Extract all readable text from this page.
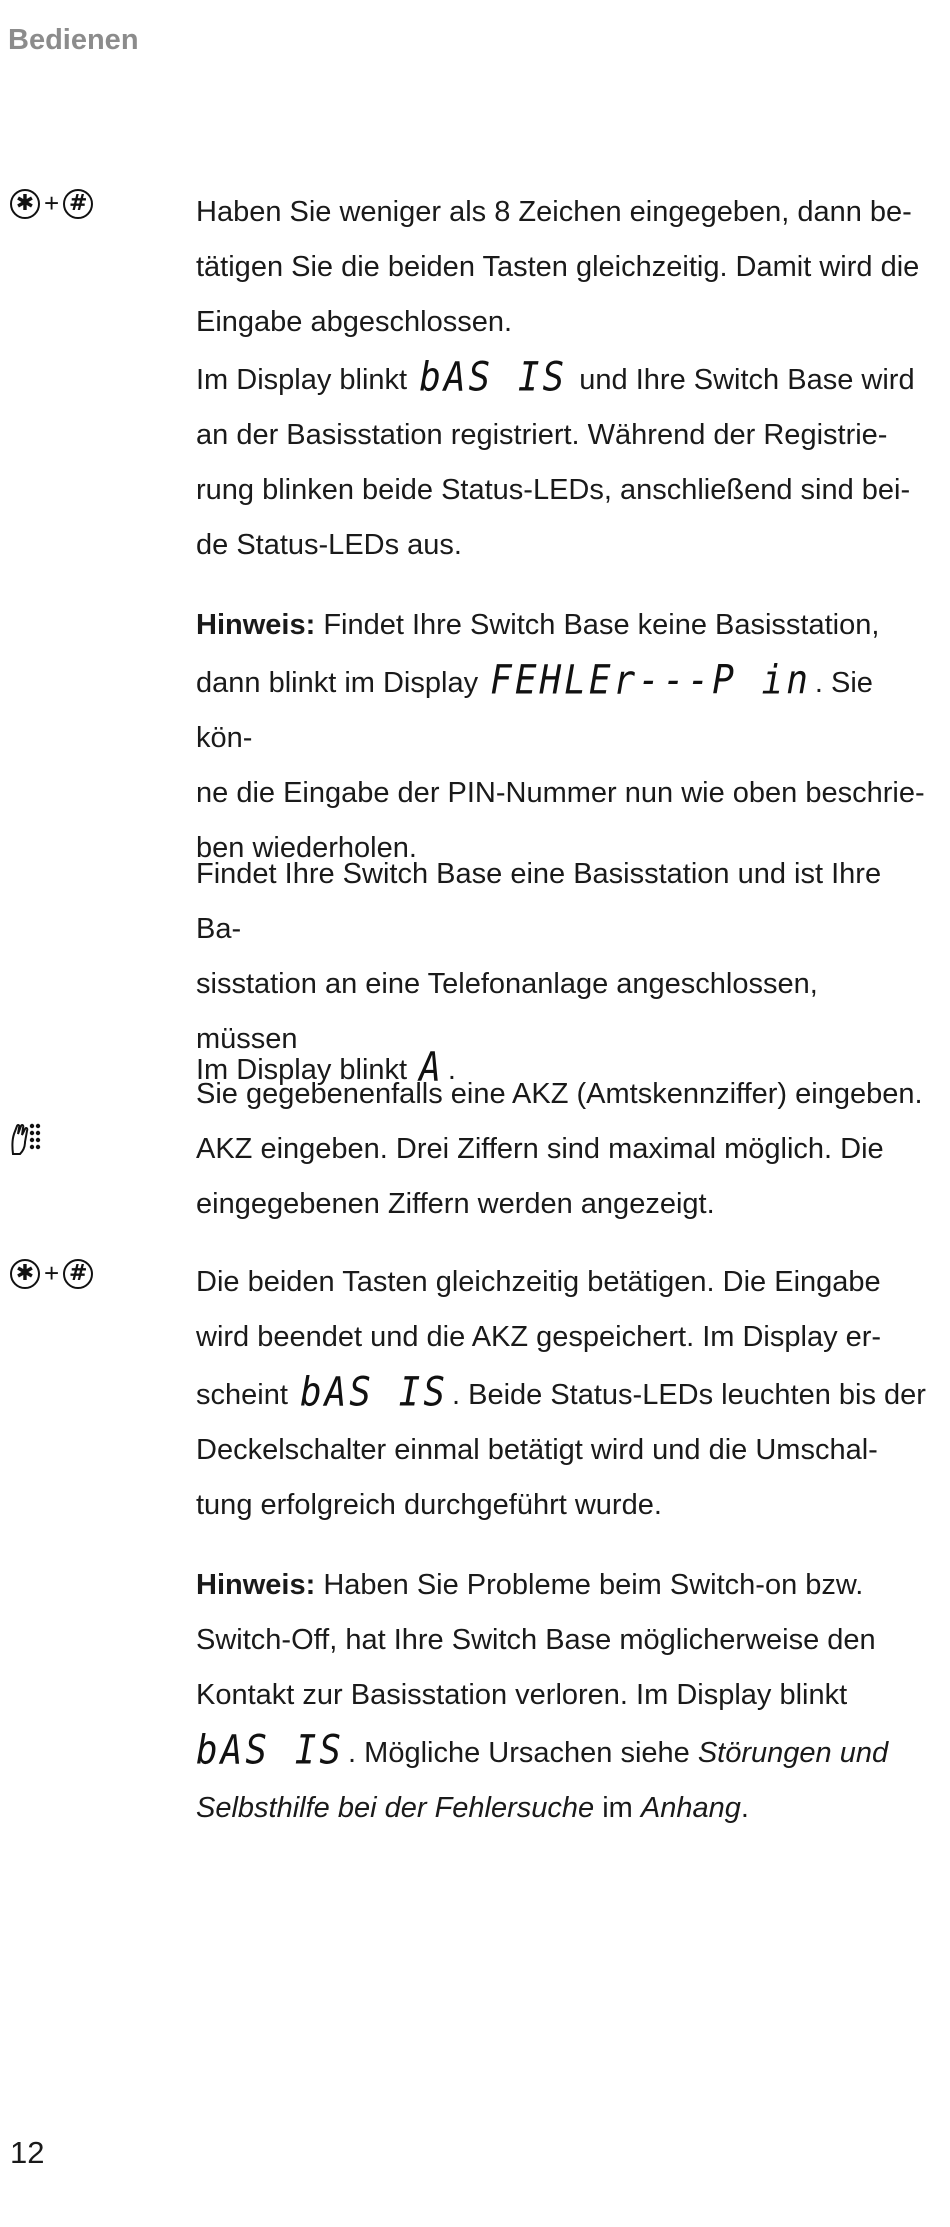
Bedienen
✱ + #	Haben Sie weniger als 8 Zeichen eingegeben, dann be-

tätigen Sie die beiden Tasten gleichzeitig. Damit wird die

Eingabe abgeschlossen.

Im Display blinkt bAS IS und Ihre Switch Base wird

an der Basisstation registriert. Während der Registrie-

rung blinken beide Status-LEDs, anschließend sind bei-

de Status-LEDs aus.

Hinweis: Findet Ihre Switch Base keine Basisstation,

dann blinkt im Display FEHLEr---P in . Sie kön-

ne die Eingabe der PIN-Nummer nun wie oben beschrie-

ben wiederholen.

Findet Ihre Switch Base eine Basisstation und ist Ihre Ba-

sisstation an eine Telefonanlage angeschlossen, müssen

Sie gegebenenfalls eine AKZ (Amtskennziffer) eingeben.

Im Display blinkt A .

AKZ eingeben. Drei Ziffern sind maximal möglich. Die

eingegebenen Ziffern werden angezeigt.

✱ + #	Die beiden Tasten gleichzeitig betätigen. Die Eingabe

wird beendet und die AKZ gespeichert. Im Display er-

scheint bAS IS . Beide Status-LEDs leuchten bis der

Deckelschalter einmal betätigt wird und die Umschal-

tung erfolgreich durchgeführt wurde.

Hinweis: Haben Sie Probleme beim Switch-on bzw.

Switch-Off, hat Ihre Switch Base möglicherweise den

Kontakt zur Basisstation verloren. Im Display blinkt

bAS IS . Mögliche Ursachen siehe Störungen und

Selbsthilfe bei der Fehlersuche im Anhang.

12
